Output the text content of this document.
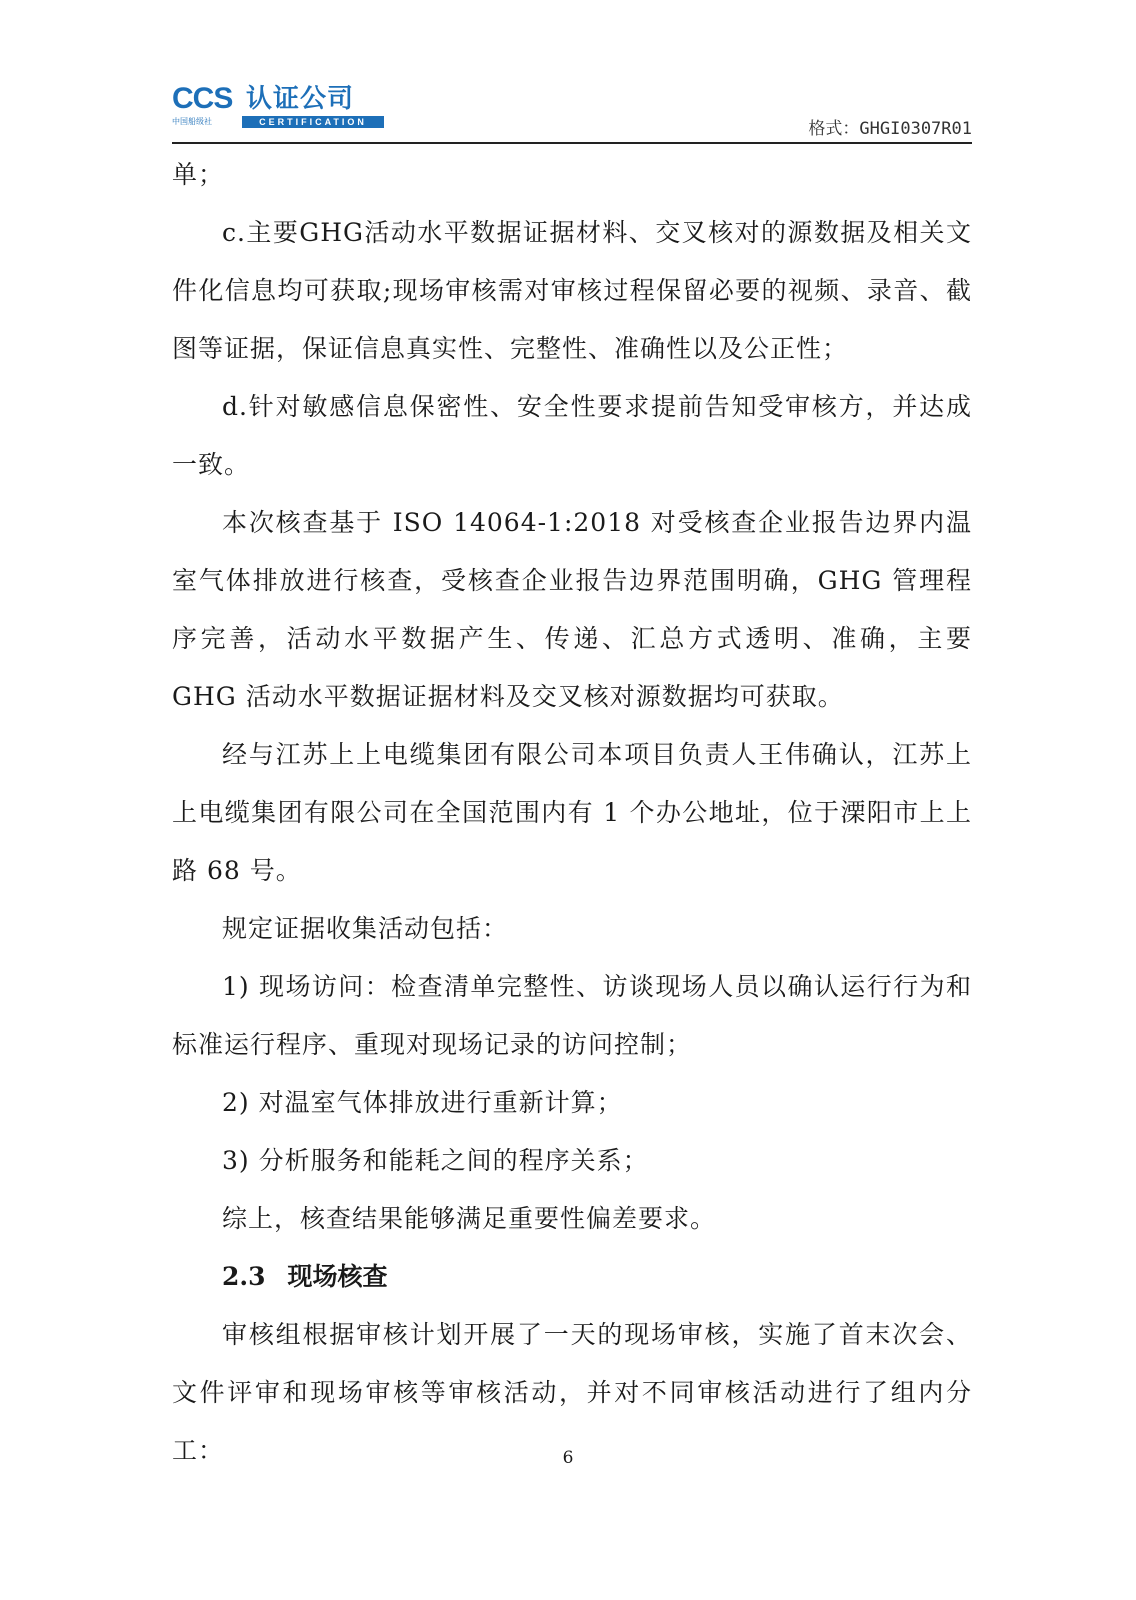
CCS 认证公司
中国船级社	CERTIFICATION	格式：GHGI0307R01

单；

c.主要GHG活动水平数据证据材料、交叉核对的源数据及相关文件化信息均可获取;现场审核需对审核过程保留必要的视频、录音、截图等证据，保证信息真实性、完整性、准确性以及公正性；

d.针对敏感信息保密性、安全性要求提前告知受审核方，并达成一致。

本次核查基于 ISO 14064-1:2018 对受核查企业报告边界内温室气体排放进行核查，受核查企业报告边界范围明确，GHG 管理程序完善，活动水平数据产生、传递、汇总方式透明、准确，主要 GHG 活动水平数据证据材料及交叉核对源数据均可获取。

经与江苏上上电缆集团有限公司本项目负责人王伟确认，江苏上上电缆集团有限公司在全国范围内有 1 个办公地址，位于溧阳市上上路 68 号。

规定证据收集活动包括：

1) 现场访问：检查清单完整性、访谈现场人员以确认运行行为和标准运行程序、重现对现场记录的访问控制；

2) 对温室气体排放进行重新计算；

3) 分析服务和能耗之间的程序关系；

综上，核查结果能够满足重要性偏差要求。

2.3 现场核查

审核组根据审核计划开展了一天的现场审核，实施了首末次会、文件评审和现场审核等审核活动，并对不同审核活动进行了组内分工：	6
